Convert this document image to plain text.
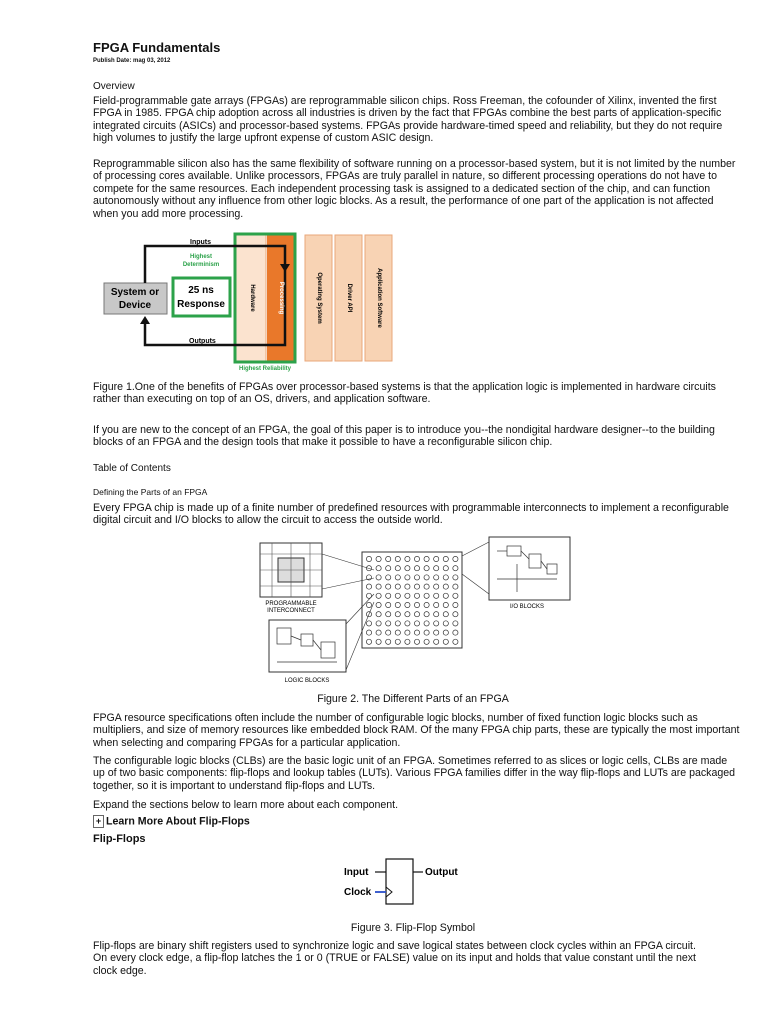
FPGA Fundamentals
Publish Date: mag 03, 2012
Overview
Field-programmable gate arrays (FPGAs) are reprogrammable silicon chips. Ross Freeman, the cofounder of Xilinx, invented the first FPGA in 1985. FPGA chip adoption across all industries is driven by the fact that FPGAs combine the best parts of application-specific integrated circuits (ASICs) and processor-based systems. FPGAs provide hardware-timed speed and reliability, but they do not require high volumes to justify the large upfront expense of custom ASIC design.
Reprogrammable silicon also has the same flexibility of software running on a processor-based system, but it is not limited by the number of processing cores available. Unlike processors, FPGAs are truly parallel in nature, so different processing operations do not have to compete for the same resources. Each independent processing task is assigned to a dedicated section of the chip, and can function autonomously without any influence from other logic blocks. As a result, the performance of one part of the application is not affected when you add more processing.
System or
Device
25 ns
Response
Inputs
Outputs
Highest
Determinism
Highest Reliability
Hardware	Processing	Operating System	Driver API	Application Software
Figure 1.One of the benefits of FPGAs over processor-based systems is that the application logic is implemented in hardware circuits rather than executing on top of an OS, drivers, and application software.
If you are new to the concept of an FPGA, the goal of this paper is to introduce you--the nondigital hardware designer--to the building blocks of an FPGA and the design tools that make it possible to have a reconfigurable silicon chip.
Table of Contents
Defining the Parts of an FPGA
Every FPGA chip is made up of a finite number of predefined resources with programmable interconnects to implement a reconfigurable digital circuit and I/O blocks to allow the circuit to access the outside world.
PROGRAMMABLE
INTERCONNECT
I/O BLOCKS
LOGIC BLOCKS
Figure 2. The Different Parts of an FPGA
FPGA resource specifications often include the number of configurable logic blocks, number of fixed function logic blocks such as multipliers, and size of memory resources like embedded block RAM. Of the many FPGA chip parts, these are typically the most important when selecting and comparing FPGAs for a particular application.
The configurable logic blocks (CLBs) are the basic logic unit of an FPGA. Sometimes referred to as slices or logic cells, CLBs are made up of two basic components: flip-flops and lookup tables (LUTs). Various FPGA families differ in the way flip-flops and LUTs are packaged together, so it is important to understand flip-flops and LUTs.
Expand the sections below to learn more about each component.
+ Learn More About Flip-Flops
Flip-Flops
Input
Clock
Output
Figure 3. Flip-Flop Symbol
Flip-flops are binary shift registers used to synchronize logic and save logical states between clock cycles within an FPGA circuit. On every clock edge, a flip-flop latches the 1 or 0 (TRUE or FALSE) value on its input and holds that value constant until the next clock edge.
